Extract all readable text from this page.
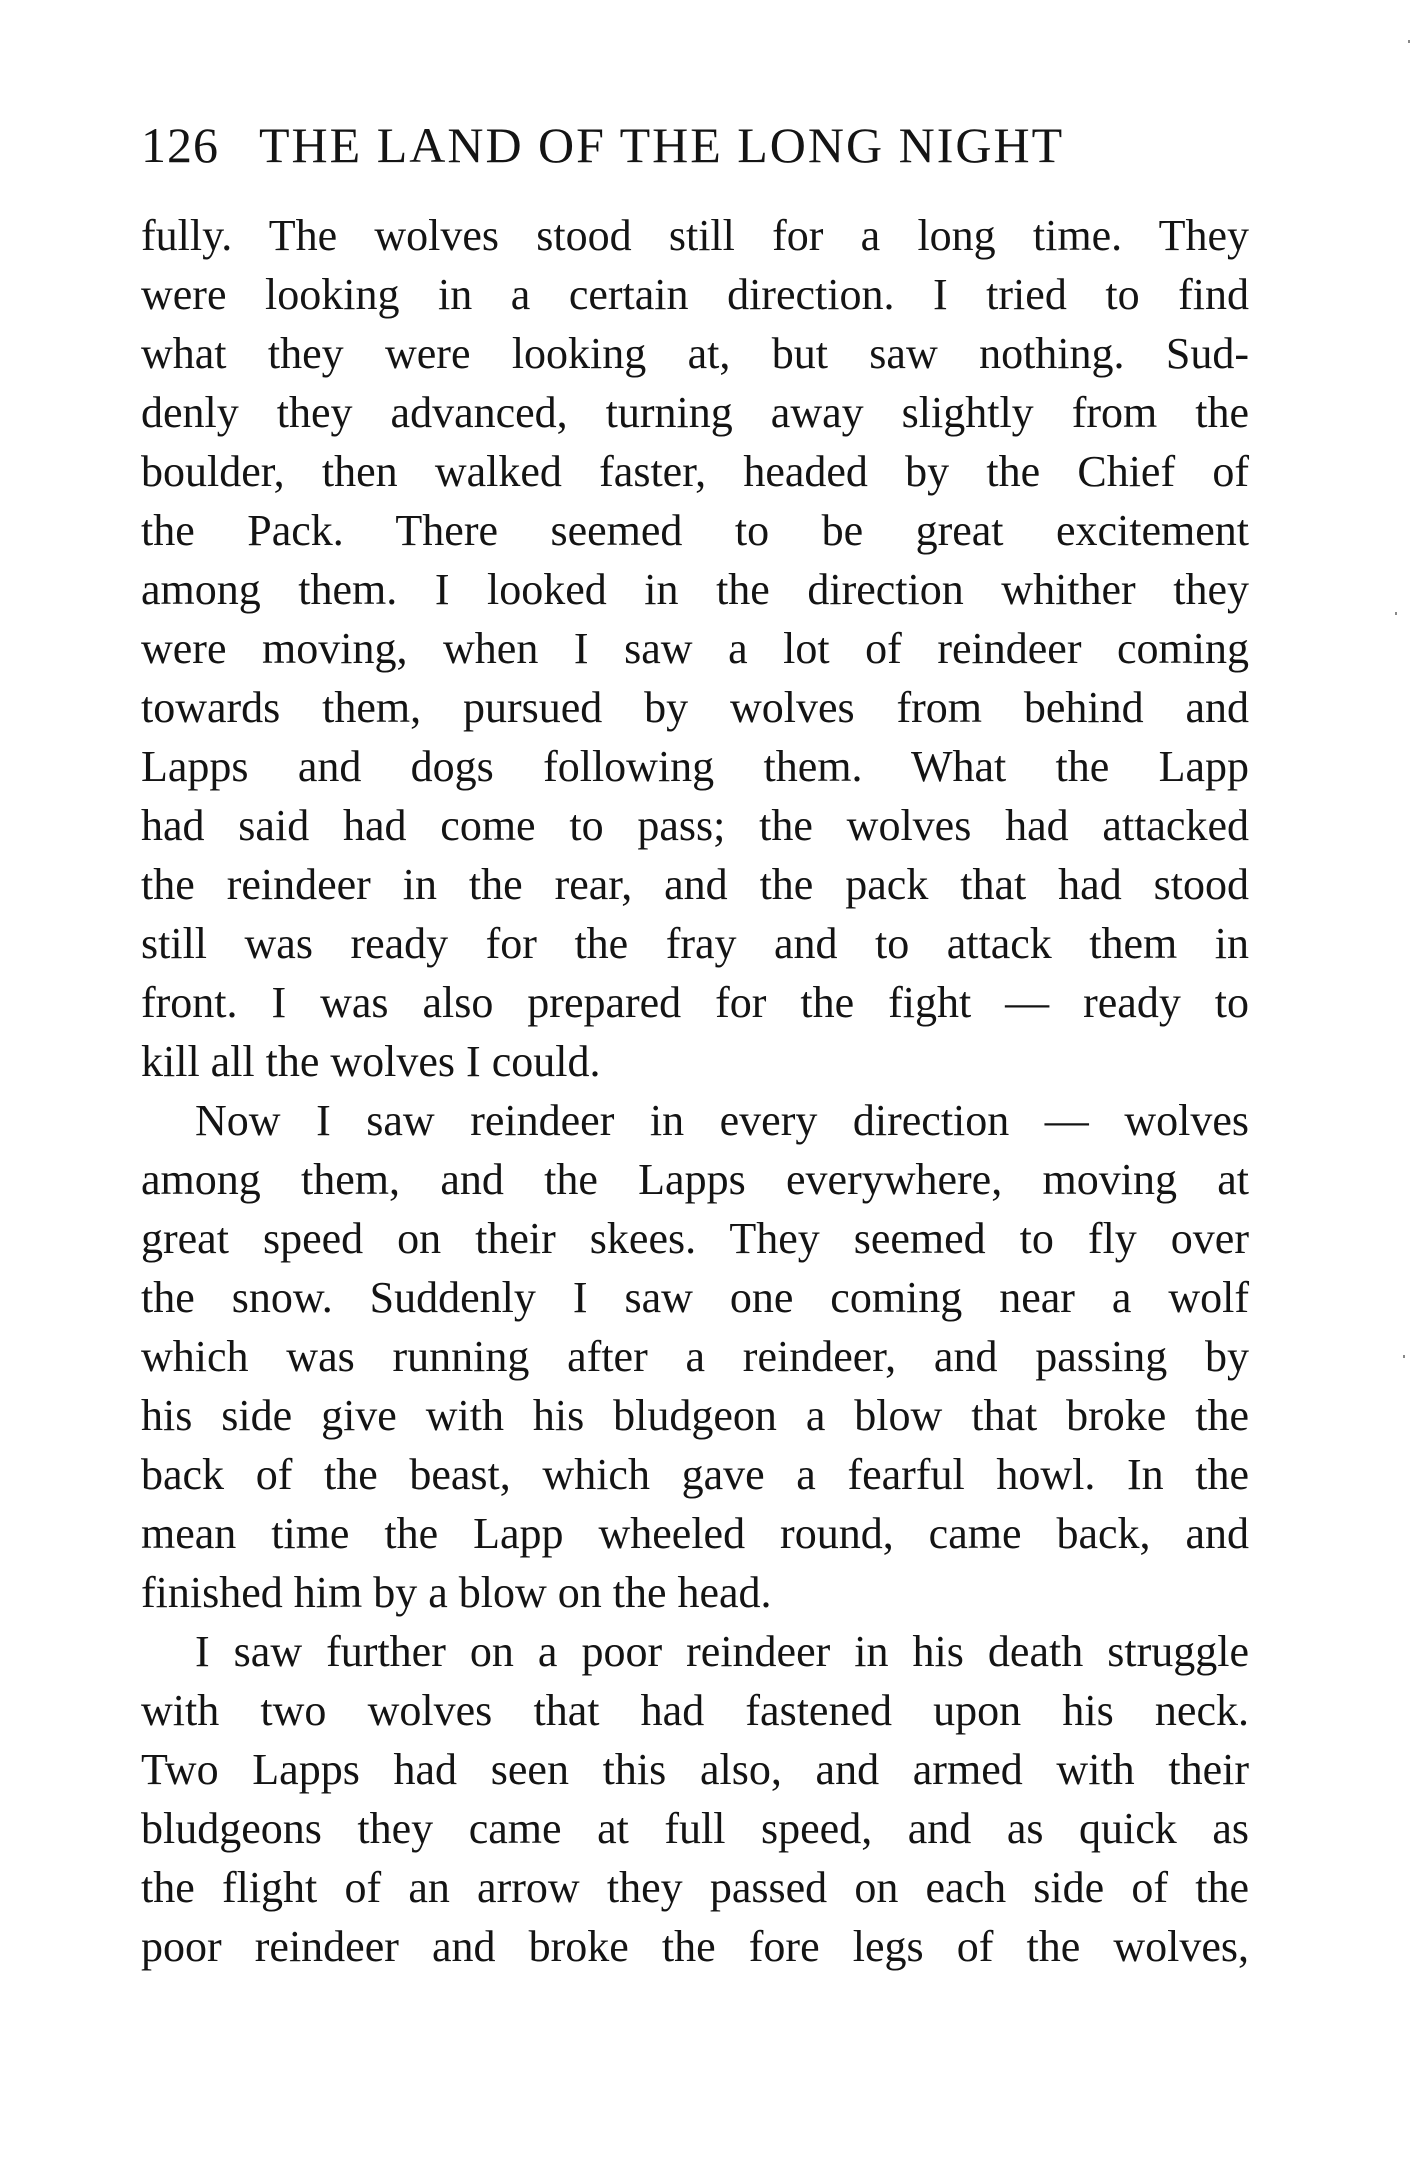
126 THE LAND OF THE LONG NIGHT
fully. The wolves stood still for a long time. They
were looking in a certain direction. I tried to find
what they were looking at, but saw nothing. Sud-
denly they advanced, turning away slightly from the
boulder, then walked faster, headed by the Chief of
the Pack. There seemed to be great excitement
among them. I looked in the direction whither they
were moving, when I saw a lot of reindeer coming
towards them, pursued by wolves from behind and
Lapps and dogs following them. What the Lapp
had said had come to pass; the wolves had attacked
the reindeer in the rear, and the pack that had stood
still was ready for the fray and to attack them in
front. I was also prepared for the fight — ready to
kill all the wolves I could.
Now I saw reindeer in every direction — wolves
among them, and the Lapps everywhere, moving at
great speed on their skees. They seemed to fly over
the snow. Suddenly I saw one coming near a wolf
which was running after a reindeer, and passing by
his side give with his bludgeon a blow that broke the
back of the beast, which gave a fearful howl. In the
mean time the Lapp wheeled round, came back, and
finished him by a blow on the head.
I saw further on a poor reindeer in his death struggle
with two wolves that had fastened upon his neck.
Two Lapps had seen this also, and armed with their
bludgeons they came at full speed, and as quick as
the flight of an arrow they passed on each side of the
poor reindeer and broke the fore legs of the wolves,
